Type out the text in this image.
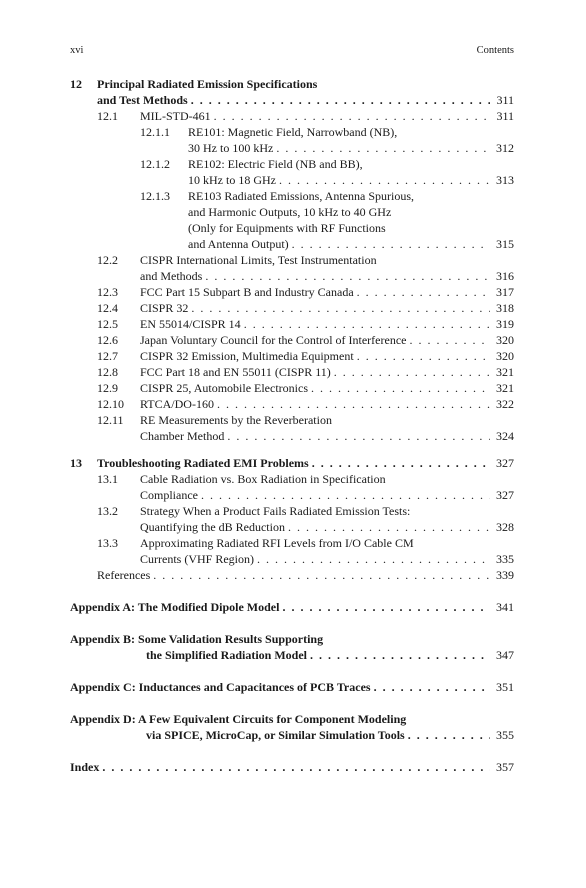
xvi	Contents
12 Principal Radiated Emission Specifications
and Test Methods . . .	311
12.1 MIL-STD-461 . . .	311
12.1.1 RE101: Magnetic Field, Narrowband (NB),
30 Hz to 100 kHz . . .	312
12.1.2 RE102: Electric Field (NB and BB),
10 kHz to 18 GHz . . .	313
12.1.3 RE103 Radiated Emissions, Antenna Spurious,
and Harmonic Outputs, 10 kHz to 40 GHz
(Only for Equipments with RF Functions
and Antenna Output) . . .	315
12.2 CISPR International Limits, Test Instrumentation
and Methods . . .	316
12.3 FCC Part 15 Subpart B and Industry Canada . . .	317
12.4 CISPR 32 . . .	318
12.5 EN 55014/CISPR 14 . . .	319
12.6 Japan Voluntary Council for the Control of Interference . . .	320
12.7 CISPR 32 Emission, Multimedia Equipment . . .	320
12.8 FCC Part 18 and EN 55011 (CISPR 11) . . .	321
12.9 CISPR 25, Automobile Electronics . . .	321
12.10 RTCA/DO-160 . . .	322
12.11 RE Measurements by the Reverberation
Chamber Method . . .	324
13 Troubleshooting Radiated EMI Problems . . .	327
13.1 Cable Radiation vs. Box Radiation in Specification
Compliance . . .	327
13.2 Strategy When a Product Fails Radiated Emission Tests:
Quantifying the dB Reduction . . .	328
13.3 Approximating Radiated RFI Levels from I/O Cable CM
Currents (VHF Region) . . .	335
References . . .	339
Appendix A: The Modified Dipole Model . . .	341
Appendix B: Some Validation Results Supporting
the Simplified Radiation Model . . .	347
Appendix C: Inductances and Capacitances of PCB Traces . . .	351
Appendix D: A Few Equivalent Circuits for Component Modeling
via SPICE, MicroCap, or Similar Simulation Tools . . .	355
Index . . .	357
